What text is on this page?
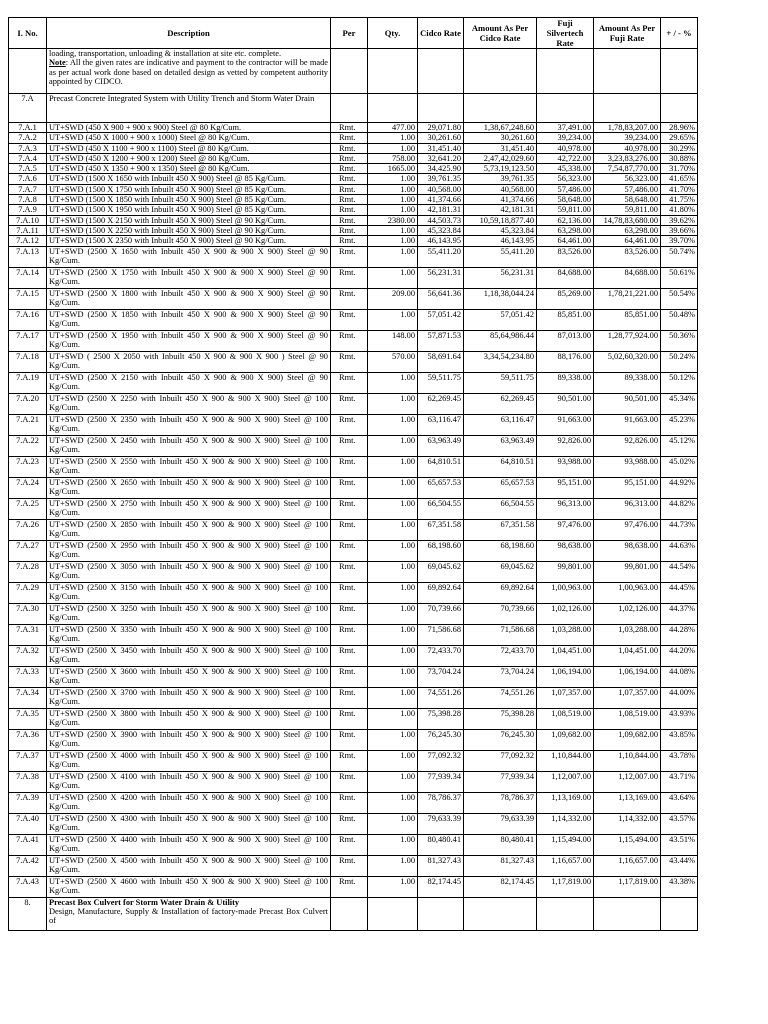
I. No.	Description	Per	Qty.	Cidco Rate	Amount As Per Cidco Rate	Fuji Silvertech Rate	Amount As Per Fuji Rate	+ / - %
	loading, transportation, unloading & installation at site etc. complete.
Note: All the given rates are indicative and payment to the contractor will be made as per actual work done based on detailed design as vetted by competent authority appointed by CIDCO.							
7.A	Precast Concrete Integrated System with Utility Trench and Storm Water Drain							
7.A.1	UT+SWD (450 X 900 + 900 x 900) Steel @ 80 Kg/Cum.	Rmt.	477.00	29,071.80	1,38,67,248.60	37,491.00	1,78,83,207.00	28.96%
7.A.2	UT+SWD (450 X 1000 + 900 x 1000) Steel @ 80 Kg/Cum.	Rmt.	1.00	30,261.60	30,261.60	39,234.00	39,234.00	29.65%
7.A.3	UT+SWD (450 X 1100 + 900 x 1100) Steel @ 80 Kg/Cum.	Rmt.	1.00	31,451.40	31,451.40	40,978.00	40,978.00	30.29%
7.A.4	UT+SWD (450 X 1200 + 900 x 1200) Steel @ 80 Kg/Cum.	Rmt.	758.00	32,641.20	2,47,42,029.60	42,722.00	3,23,83,276.00	30.88%
7.A.5	UT+SWD (450 X 1350 + 900 x 1350) Steel @ 80 Kg/Cum.	Rmt.	1665.00	34,425.90	5,73,19,123.50	45,338.00	7,54,87,770.00	31.70%
7.A.6	UT+SWD (1500 X 1650 with Inbuilt 450 X 900) Steel @ 85 Kg/Cum.	Rmt.	1.00	39,761.35	39,761.35	56,323.00	56,323.00	41.65%
7.A.7	UT+SWD (1500 X 1750 with Inbuilt 450 X 900) Steel @ 85 Kg/Cum.	Rmt.	1.00	40,568.00	40,568.00	57,486.00	57,486.00	41.70%
7.A.8	UT+SWD (1500 X 1850 with Inbuilt 450 X 900) Steel @ 85 Kg/Cum.	Rmt.	1.00	41,374.66	41,374.66	58,648.00	58,648.00	41.75%
7.A.9	UT+SWD (1500 X 1950 with Inbuilt 450 X 900) Steel @ 85 Kg/Cum.	Rmt.	1.00	42,181.31	42,181.31	59,811.00	59,811.00	41.80%
7.A.10	UT+SWD (1500 X 2150 with Inbuilt 450 X 900) Steel @ 90 Kg/Cum.	Rmt.	2380.00	44,503.73	10,59,18,877.40	62,136.00	14,78,83,680.00	39.62%
7.A.11	UT+SWD (1500 X 2250 with Inbuilt 450 X 900) Steel @ 90 Kg/Cum.	Rmt.	1.00	45,323.84	45,323.84	63,298.00	63,298.00	39.66%
7.A.12	UT+SWD (1500 X 2350 with Inbuilt 450 X 900) Steel @ 90 Kg/Cum.	Rmt.	1.00	46,143.95	46,143.95	64,461.00	64,461.00	39.70%
7.A.13	UT+SWD (2500 X 1650 with Inbuilt 450 X 900 & 900 X 900) Steel @ 90 Kg/Cum.	Rmt.	1.00	55,411.20	55,411.20	83,526.00	83,526.00	50.74%
7.A.14	UT+SWD (2500 X 1750 with Inbuilt 450 X 900 & 900 X 900) Steel @ 90 Kg/Cum.	Rmt.	1.00	56,231.31	56,231.31	84,688.00	84,688.00	50.61%
7.A.15	UT+SWD (2500 X 1800 with Inbuilt 450 X 900 & 900 X 900) Steel @ 90 Kg/Cum.	Rmt.	209.00	56,641.36	1,18,38,044.24	85,269.00	1,78,21,221.00	50.54%
7.A.16	UT+SWD (2500 X 1850 with Inbuilt 450 X 900 & 900 X 900) Steel @ 90 Kg/Cum.	Rmt.	1.00	57,051.42	57,051.42	85,851.00	85,851.00	50.48%
7.A.17	UT+SWD (2500 X 1950 with Inbuilt 450 X 900 & 900 X 900) Steel @ 90 Kg/Cum.	Rmt.	148.00	57,871.53	85,64,986.44	87,013.00	1,28,77,924.00	50.36%
7.A.18	UT+SWD ( 2500 X 2050 with Inbuilt 450 X 900 & 900 X 900 ) Steel @ 90 Kg/Cum.	Rmt.	570.00	58,691.64	3,34,54,234.80	88,176.00	5,02,60,320.00	50.24%
7.A.19	UT+SWD (2500 X 2150 with Inbuilt 450 X 900 & 900 X 900) Steel @ 90 Kg/Cum.	Rmt.	1.00	59,511.75	59,511.75	89,338.00	89,338.00	50.12%
7.A.20	UT+SWD (2500 X 2250 with Inbuilt 450 X 900 & 900 X 900) Steel @ 100 Kg/Cum.	Rmt.	1.00	62,269.45	62,269.45	90,501.00	90,501.00	45.34%
7.A.21	UT+SWD (2500 X 2350 with Inbuilt 450 X 900 & 900 X 900) Steel @ 100 Kg/Cum.	Rmt.	1.00	63,116.47	63,116.47	91,663.00	91,663.00	45.23%
7.A.22	UT+SWD (2500 X 2450 with Inbuilt 450 X 900 & 900 X 900) Steel @ 100 Kg/Cum.	Rmt.	1.00	63,963.49	63,963.49	92,826.00	92,826.00	45.12%
7.A.23	UT+SWD (2500 X 2550 with Inbuilt 450 X 900 & 900 X 900) Steel @ 100 Kg/Cum.	Rmt.	1.00	64,810.51	64,810.51	93,988.00	93,988.00	45.02%
7.A.24	UT+SWD (2500 X 2650 with Inbuilt 450 X 900 & 900 X 900) Steel @ 100 Kg/Cum.	Rmt.	1.00	65,657.53	65,657.53	95,151.00	95,151.00	44.92%
7.A.25	UT+SWD (2500 X 2750 with Inbuilt 450 X 900 & 900 X 900) Steel @ 100 Kg/Cum.	Rmt.	1.00	66,504.55	66,504.55	96,313.00	96,313.00	44.82%
7.A.26	UT+SWD (2500 X 2850 with Inbuilt 450 X 900 & 900 X 900) Steel @ 100 Kg/Cum.	Rmt.	1.00	67,351.58	67,351.58	97,476.00	97,476.00	44.73%
7.A.27	UT+SWD (2500 X 2950 with Inbuilt 450 X 900 & 900 X 900) Steel @ 100 Kg/Cum.	Rmt.	1.00	68,198.60	68,198.60	98,638.00	98,638.00	44.63%
7.A.28	UT+SWD (2500 X 3050 with Inbuilt 450 X 900 & 900 X 900) Steel @ 100 Kg/Cum.	Rmt.	1.00	69,045.62	69,045.62	99,801.00	99,801.00	44.54%
7.A.29	UT+SWD (2500 X 3150 with Inbuilt 450 X 900 & 900 X 900) Steel @ 100 Kg/Cum.	Rmt.	1.00	69,892.64	69,892.64	1,00,963.00	1,00,963.00	44.45%
7.A.30	UT+SWD (2500 X 3250 with Inbuilt 450 X 900 & 900 X 900) Steel @ 100 Kg/Cum.	Rmt.	1.00	70,739.66	70,739.66	1,02,126.00	1,02,126.00	44.37%
7.A.31	UT+SWD (2500 X 3350 with Inbuilt 450 X 900 & 900 X 900) Steel @ 100 Kg/Cum.	Rmt.	1.00	71,586.68	71,586.68	1,03,288.00	1,03,288.00	44.28%
7.A.32	UT+SWD (2500 X 3450 with Inbuilt 450 X 900 & 900 X 900) Steel @ 100 Kg/Cum.	Rmt.	1.00	72,433.70	72,433.70	1,04,451.00	1,04,451.00	44.20%
7.A.33	UT+SWD (2500 X 3600 with Inbuilt 450 X 900 & 900 X 900) Steel @ 100 Kg/Cum.	Rmt.	1.00	73,704.24	73,704.24	1,06,194.00	1,06,194.00	44.08%
7.A.34	UT+SWD (2500 X 3700 with Inbuilt 450 X 900 & 900 X 900) Steel @ 100 Kg/Cum.	Rmt.	1.00	74,551.26	74,551.26	1,07,357.00	1,07,357.00	44.00%
7.A.35	UT+SWD (2500 X 3800 with Inbuilt 450 X 900 & 900 X 900) Steel @ 100 Kg/Cum.	Rmt.	1.00	75,398.28	75,398.28	1,08,519.00	1,08,519.00	43.93%
7.A.36	UT+SWD (2500 X 3900 with Inbuilt 450 X 900 & 900 X 900) Steel @ 100 Kg/Cum.	Rmt.	1.00	76,245.30	76,245.30	1,09,682.00	1,09,682.00	43.85%
7.A.37	UT+SWD (2500 X 4000 with Inbuilt 450 X 900 & 900 X 900) Steel @ 100 Kg/Cum.	Rmt.	1.00	77,092.32	77,092.32	1,10,844.00	1,10,844.00	43.78%
7.A.38	UT+SWD (2500 X 4100 with Inbuilt 450 X 900 & 900 X 900) Steel @ 100 Kg/Cum.	Rmt.	1.00	77,939.34	77,939.34	1,12,007.00	1,12,007.00	43.71%
7.A.39	UT+SWD (2500 X 4200 with Inbuilt 450 X 900 & 900 X 900) Steel @ 100 Kg/Cum.	Rmt.	1.00	78,786.37	78,786.37	1,13,169.00	1,13,169.00	43.64%
7.A.40	UT+SWD (2500 X 4300 with Inbuilt 450 X 900 & 900 X 900) Steel @ 100 Kg/Cum.	Rmt.	1.00	79,633.39	79,633.39	1,14,332.00	1,14,332.00	43.57%
7.A.41	UT+SWD (2500 X 4400 with Inbuilt 450 X 900 & 900 X 900) Steel @ 100 Kg/Cum.	Rmt.	1.00	80,480.41	80,480.41	1,15,494.00	1,15,494.00	43.51%
7.A.42	UT+SWD (2500 X 4500 with Inbuilt 450 X 900 & 900 X 900) Steel @ 100 Kg/Cum.	Rmt.	1.00	81,327.43	81,327.43	1,16,657.00	1,16,657.00	43.44%
7.A.43	UT+SWD (2500 X 4600 with Inbuilt 450 X 900 & 900 X 900) Steel @ 100 Kg/Cum.	Rmt.	1.00	82,174.45	82,174.45	1,17,819.00	1,17,819.00	43.38%
8.	Precast Box Culvert for Storm Water Drain & Utility
Design, Manufacture, Supply & Installation of factory-made Precast Box Culvert of							
